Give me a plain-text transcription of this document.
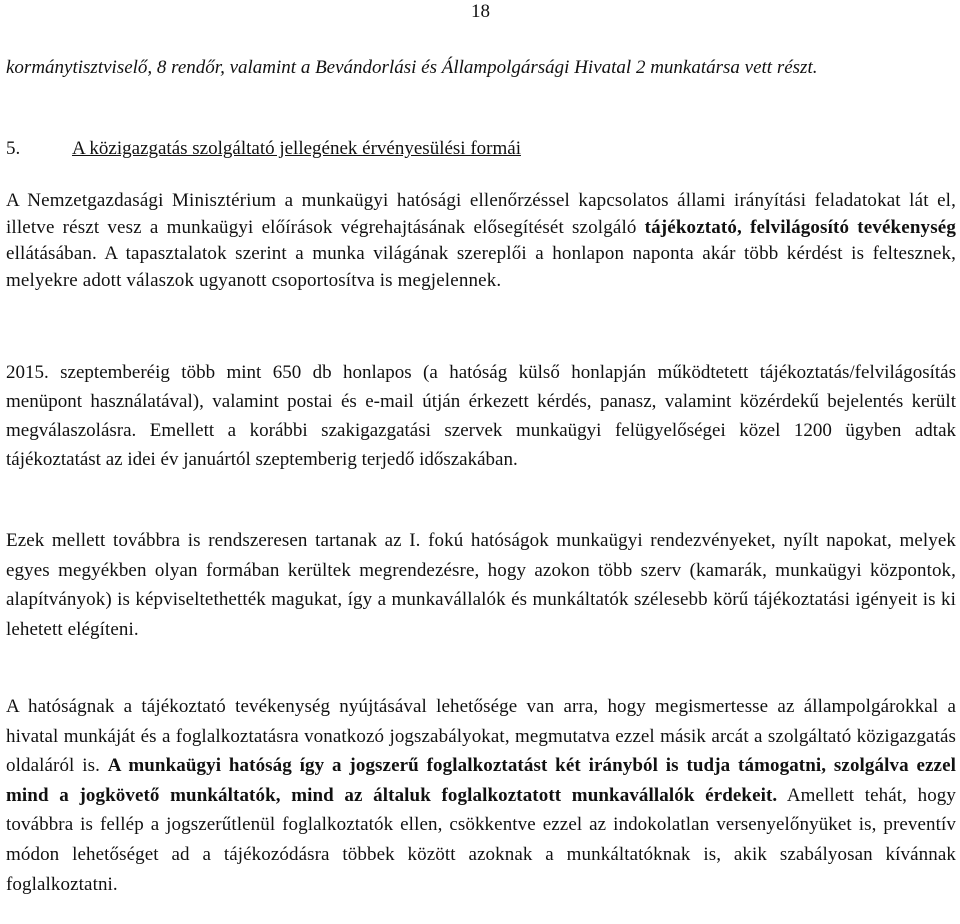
18

kormánytisztviselő, 8 rendőr, valamint a Bevándorlási és Állampolgársági Hivatal 2 munkatársa vett részt.

5.	A közigazgatás szolgáltató jellegének érvényesülési formái

A Nemzetgazdasági Minisztérium a munkaügyi hatósági ellenőrzéssel kapcsolatos állami irányítási feladatokat lát el, illetve részt vesz a munkaügyi előírások végrehajtásának elősegítését szolgáló tájékoztató, felvilágosító tevékenység ellátásában. A tapasztalatok szerint a munka világának szereplői a honlapon naponta akár több kérdést is feltesznek, melyekre adott válaszok ugyanott csoportosítva is megjelennek.

2015. szeptemberéig több mint 650 db honlapos (a hatóság külső honlapján működtetett tájékoztatás/felvilágosítás menüpont használatával), valamint postai és e-mail útján érkezett kérdés, panasz, valamint közérdekű bejelentés került megválaszolásra. Emellett a korábbi szakigazgatási szervek munkaügyi felügyelőségei közel 1200 ügyben adtak tájékoztatást az idei év januártól szeptemberig terjedő időszakában.

Ezek mellett továbbra is rendszeresen tartanak az I. fokú hatóságok munkaügyi rendezvényeket, nyílt napokat, melyek egyes megyékben olyan formában kerültek megrendezésre, hogy azokon több szerv (kamarák, munkaügyi központok, alapítványok) is képviseltethették magukat, így a munkavállalók és munkáltatók szélesebb körű tájékoztatási igényeit is ki lehetett elégíteni.

A hatóságnak a tájékoztató tevékenység nyújtásával lehetősége van arra, hogy megismertesse az állampolgárokkal a hivatal munkáját és a foglalkoztatásra vonatkozó jogszabályokat, megmutatva ezzel másik arcát a szolgáltató közigazgatás oldaláról is. A munkaügyi hatóság így a jogszerű foglalkoztatást két irányból is tudja támogatni, szolgálva ezzel mind a jogkövető munkáltatók, mind az általuk foglalkoztatott munkavállalók érdekeit. Amellett tehát, hogy továbbra is fellép a jogszerűtlenül foglalkoztatók ellen, csökkentve ezzel az indokolatlan versenyelőnyüket is, preventív módon lehetőséget ad a tájékozódásra többek között azoknak a munkáltatóknak is, akik szabályosan kívánnak foglalkoztatni.
